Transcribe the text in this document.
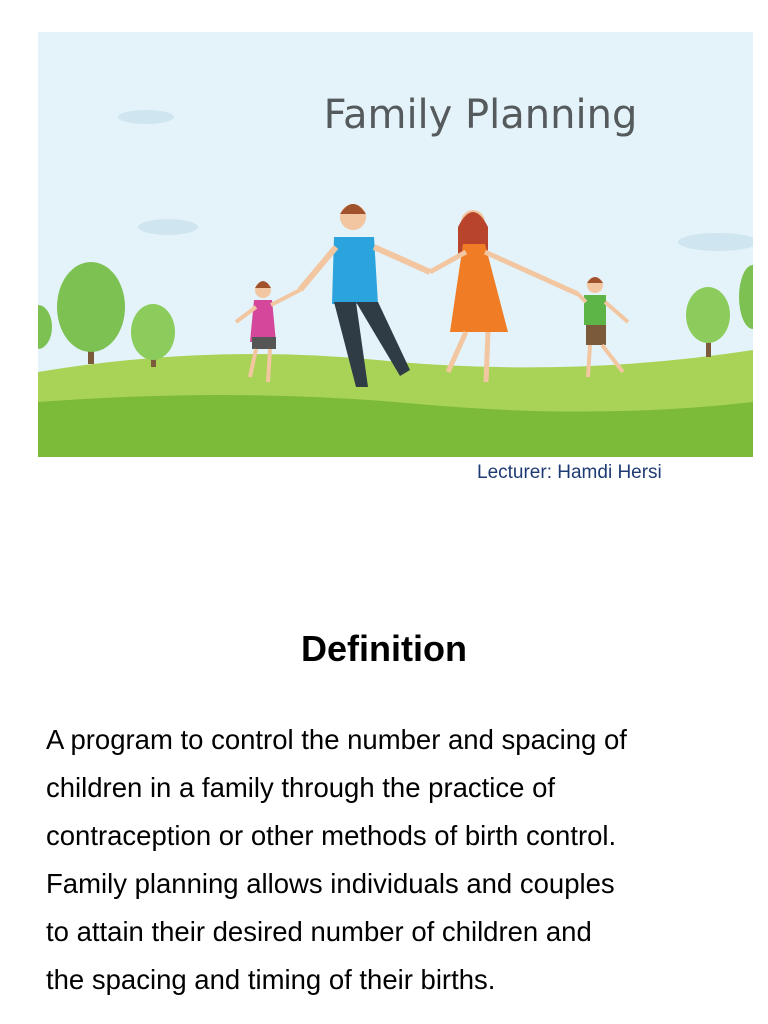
Family Planning
Lecturer: Hamdi Hersi
Definition
A program to control the number and spacing of
children in a family through the practice of
contraception or other methods of birth control.
Family planning allows individuals and couples
to attain their desired number of children and
the spacing and timing of their births.
